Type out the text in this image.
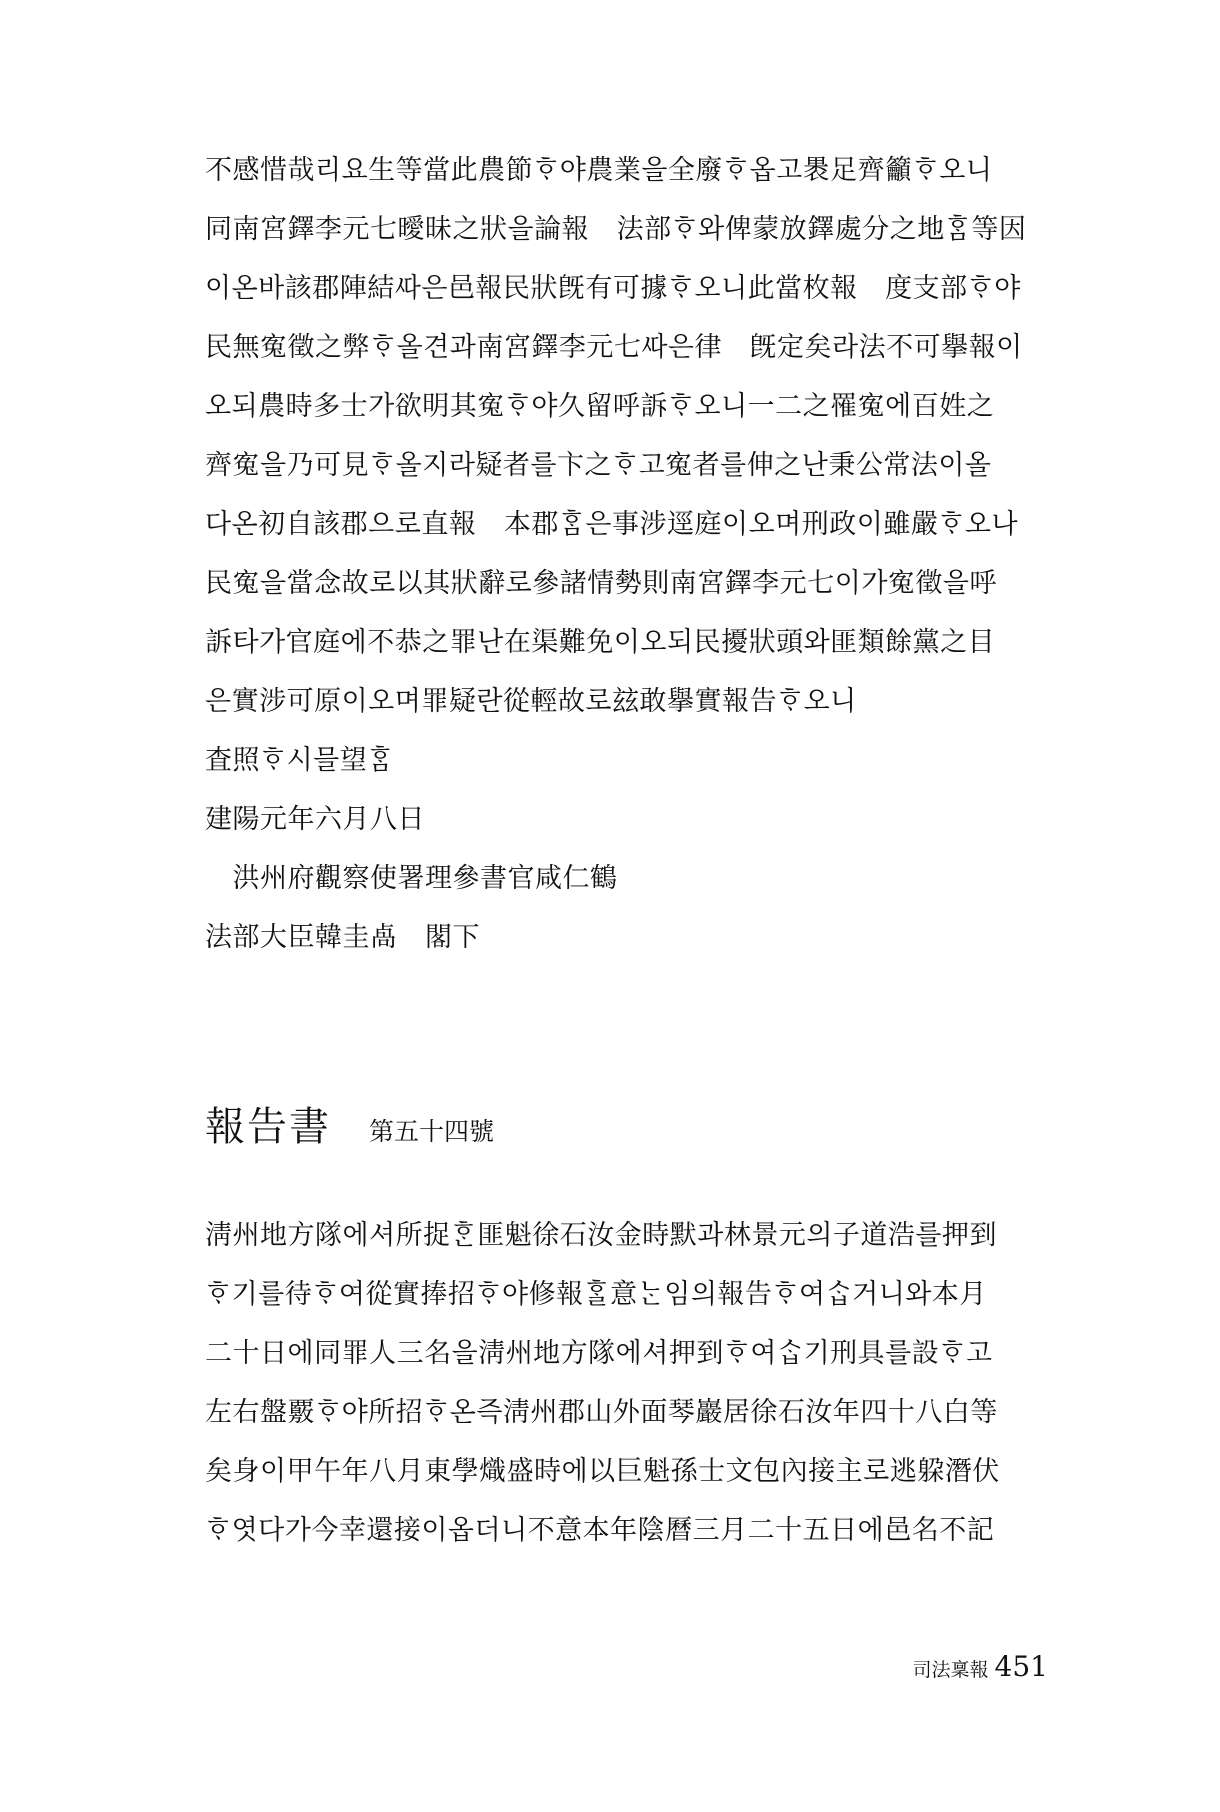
不感惜哉리요生等當此農節ᄒᆞ야農業을全廢ᄒᆞ옵고褁足齊籲ᄒᆞ오니
同南宮鐸李元七曖昧之狀을論報　法部ᄒᆞ와俾蒙放鐸處分之地ᄒᆞᆷ等因
이온바該郡陣結ᄯᅡ은邑報民狀旣有可據ᄒᆞ오니此當枚報　度支部ᄒᆞ야
民無寃徵之弊ᄒᆞ올견과南宮鐸李元七ᄯᅡ은律　旣定矣라法不可擧報이
오되農時多士가欲明其寃ᄒᆞ야久留呼訴ᄒᆞ오니一二之罹寃에百姓之
齊寃을乃可見ᄒᆞ올지라疑者를卞之ᄒᆞ고寃者를伸之난秉公常法이올
다온初自該郡으로直報　本郡ᄒᆞᆷ은事涉逕庭이오며刑政이雖嚴ᄒᆞ오나
民寃을當念故로以其狀辭로參諸情勢則南宮鐸李元七이가寃徵을呼
訴타가官庭에不恭之罪난在渠難免이오되民擾狀頭와匪類餘黨之目
은實涉可原이오며罪疑란從輕故로玆敢擧實報告ᄒᆞ오니
査照ᄒᆞ시믈望ᄒᆞᆷ
建陽元年六月八日
　洪州府觀察使署理參書官咸仁鶴
法部大臣韓圭卨　閣下
報告書 第五十四號
淸州地方隊에셔所捉ᄒᆞᆫ匪魁徐石汝金時默과林景元의子道浩를押到
ᄒᆞ기를待ᄒᆞ여從實捧招ᄒᆞ야修報ᄒᆞᆯ意ᄂᆞᆫ임의報告ᄒᆞ여ᄉᆞᆸ거니와本月
二十日에同罪人三名을淸州地方隊에셔押到ᄒᆞ여ᄉᆞᆸ기刑具를設ᄒᆞ고
左右盤覈ᄒᆞ야所招ᄒᆞ온즉淸州郡山外面琴巖居徐石汝年四十八白等
矣身이甲午年八月東學熾盛時에以巨魁孫士文包內接主로逃躱潛伏
ᄒᆞ엿다가今幸還接이옵더니不意本年陰曆三月二十五日에邑名不記
司法稟報 451
